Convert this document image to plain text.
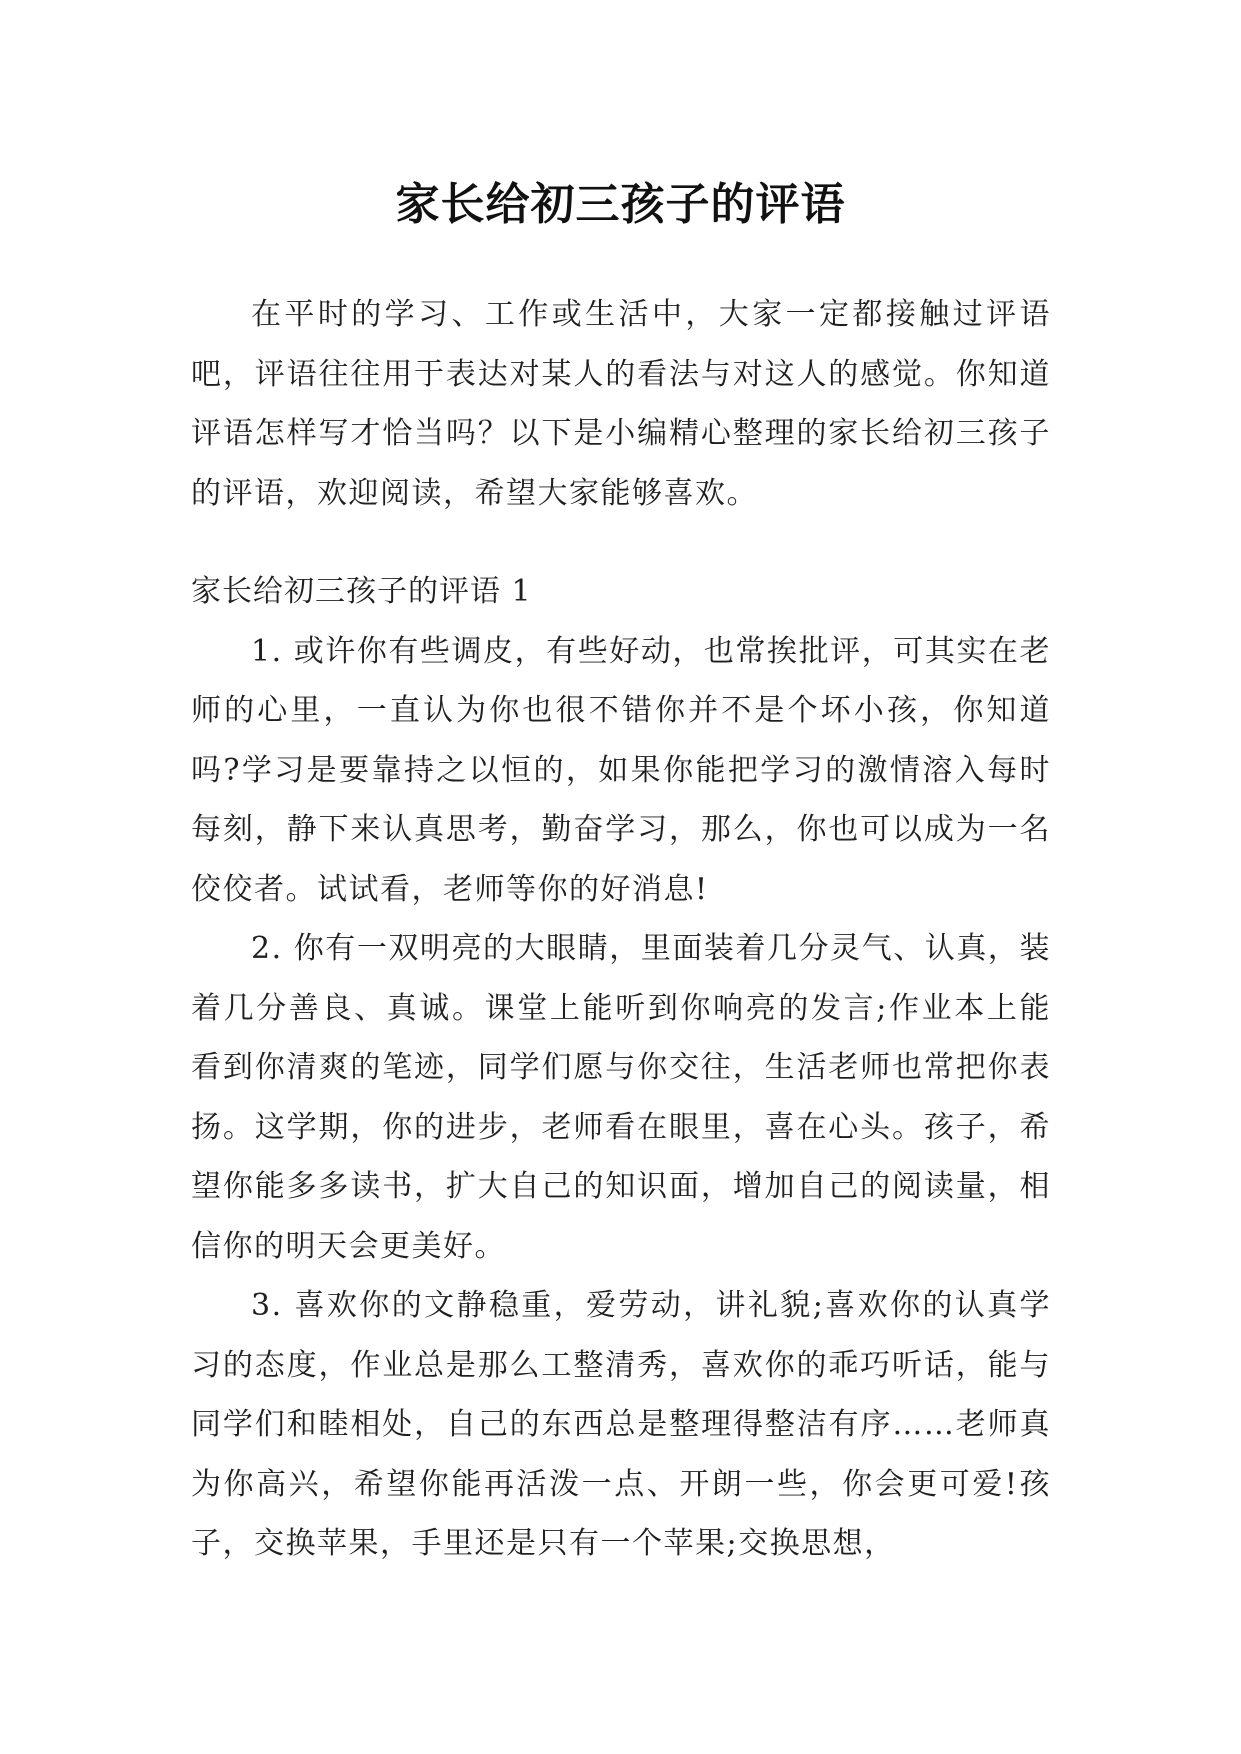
家长给初三孩子的评语

在平时的学习、工作或生活中，大家一定都接触过评语吧，评语往往用于表达对某人的看法与对这人的感觉。你知道评语怎样写才恰当吗？以下是小编精心整理的家长给初三孩子的评语，欢迎阅读，希望大家能够喜欢。

家长给初三孩子的评语 1

1. 或许你有些调皮，有些好动，也常挨批评，可其实在老师的心里，一直认为你也很不错你并不是个坏小孩，你知道吗?学习是要靠持之以恒的，如果你能把学习的激情溶入每时每刻，静下来认真思考，勤奋学习，那么，你也可以成为一名佼佼者。试试看，老师等你的好消息!

2. 你有一双明亮的大眼睛，里面装着几分灵气、认真，装着几分善良、真诚。课堂上能听到你响亮的发言;作业本上能看到你清爽的笔迹，同学们愿与你交往，生活老师也常把你表扬。这学期，你的进步，老师看在眼里，喜在心头。孩子，希望你能多多读书，扩大自己的知识面，增加自己的阅读量，相信你的明天会更美好。

3. 喜欢你的文静稳重，爱劳动，讲礼貌;喜欢你的认真学习的态度，作业总是那么工整清秀，喜欢你的乖巧听话，能与同学们和睦相处，自己的东西总是整理得整洁有序……老师真为你高兴，希望你能再活泼一点、开朗一些，你会更可爱!孩子，交换苹果，手里还是只有一个苹果;交换思想，
